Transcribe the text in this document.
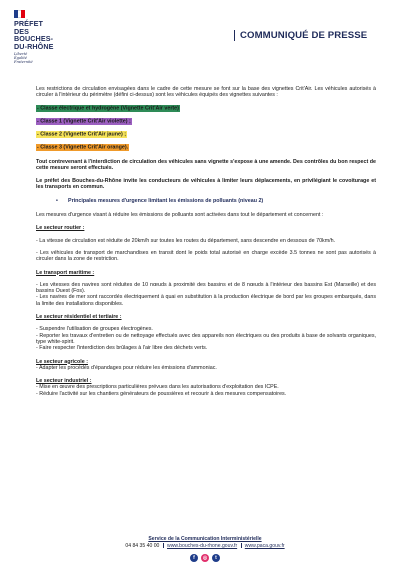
PRÉFET
DES BOUCHES-
DU-RHÔNE
Liberté
Égalité
Fraternité
COMMUNIQUÉ DE PRESSE
Les restrictions de circulation envisagées dans le cadre de cette mesure se font sur la base des vignettes Crit'Air. Les véhicules autorisés à circuler à l'intérieur du périmètre (défini ci-dessus) sont les véhicules équipés des vignettes suivantes :
- Classe électrique et hydrogène (Vignette Crit'Air verte)
- Classe 1 (Vignette Crit'Air violette) ;
- Classe 2 (Vignette Crit'Air jaune) ;
- Classe 3 (Vignette Crit'Air orange).
Tout contrevenant à l'interdiction de circulation des véhicules sans vignette s'expose à une amende. Des contrôles du bon respect de cette mesure seront effectués.
Le préfet des Bouches-du-Rhône invite les conducteurs de véhicules à limiter leurs déplacements, en privilégiant le covoiturage et les transports en commun.
•	Principales mesures d'urgence limitant les émissions de polluants (niveau 2)
Les mesures d'urgence visant à réduire les émissions de polluants sont activées dans tout le département et concernent :
Le secteur routier :
- La vitesse de circulation est réduite de 20km/h sur toutes les routes du département, sans descendre en dessous de 70km/h.
- Les véhicules de transport de marchandises en transit dont le poids total autorisé en charge excède 3.5 tonnes ne sont pas autorisés à circuler dans la zone de restriction.
Le transport maritime :
- Les vitesses des navires sont réduites de 10 nœuds à proximité des bassins et de 8 nœuds à l'intérieur des bassins Est (Marseille) et des bassins Ouest (Fos).
- Les navires de mer sont raccordés électriquement à quai en substitution à la production électrique de bord par les groupes embarqués, dans la limite des installations disponibles.
Le secteur résidentiel et tertiaire :
- Suspendre l'utilisation de groupes électrogènes.
- Reporter les travaux d'entretien ou de nettoyage effectués avec des appareils non électriques ou des produits à base de solvants organiques, type white-spirit.
- Faire respecter l'interdiction des brûlages à l'air libre des déchets verts.
Le secteur agricole :
- Adapter les procédés d'épandages pour réduire les émissions d'ammoniac.
Le secteur industriel :
- Mise en œuvre des prescriptions particulières prévues dans les autorisations d'exploitation des ICPE.
- Réduire l'activité sur les chantiers générateurs de poussières et recourir à des mesures compensatoires.
Service de la Communication Interministérielle
04 84 35 40 00 www.bouches-du-rhone.gouv.fr www.paca.gouv.fr
f	◎	t
